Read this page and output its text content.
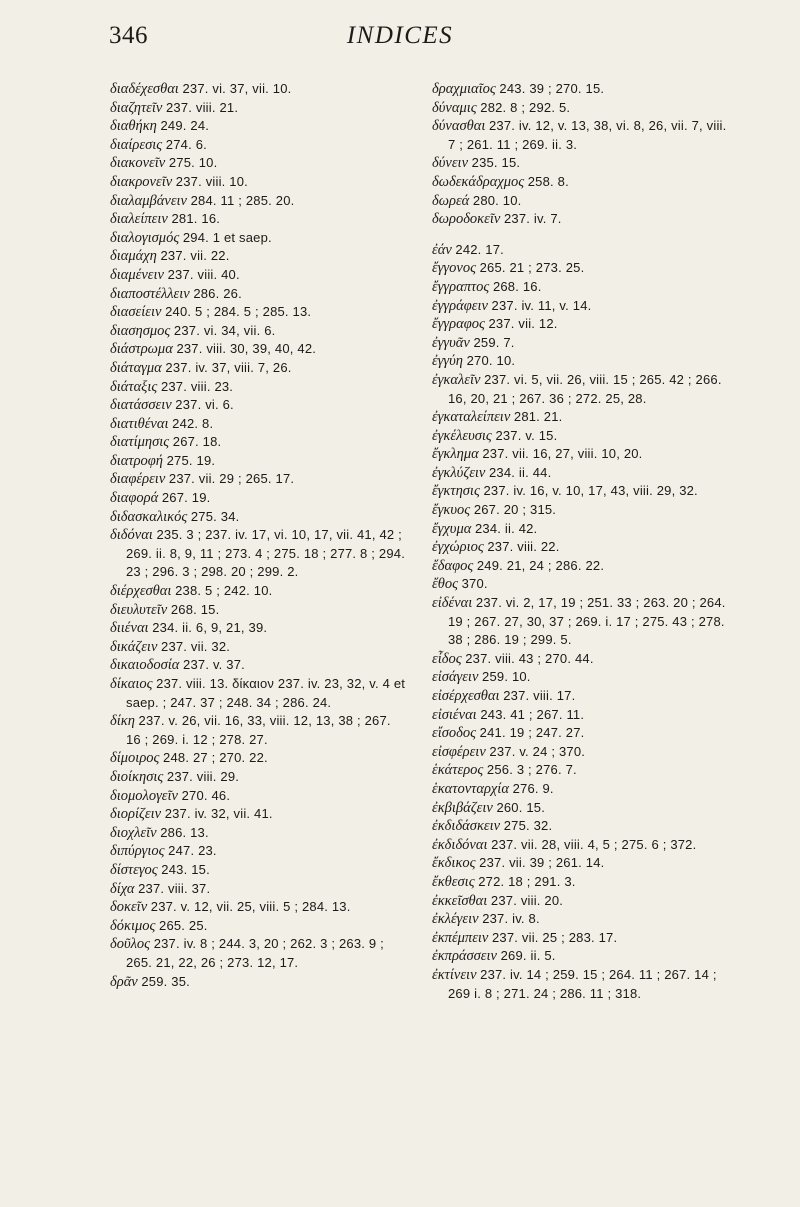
346	INDICES
διαδέχεσθαι 237. vi. 37, vii. 10.
διαζητεῖν 237. viii. 21.
διαθήκη 249. 24.
διαίρεσις 274. 6.
διακονεῖν 275. 10.
διακρονεῖν 237. viii. 10.
διαλαμβάνειν 284. 11 ; 285. 20.
διαλείπειν 281. 16.
διαλογισμός 294. 1 et saep.
διαμάχη 237. vii. 22.
διαμένειν 237. viii. 40.
διαποστέλλειν 286. 26.
διασείειν 240. 5 ; 284. 5 ; 285. 13.
διασησμος 237. vi. 34, vii. 6.
διάστρωμα 237. viii. 30, 39, 40, 42.
διάταγμα 237. iv. 37, viii. 7, 26.
διάταξις 237. viii. 23.
διατάσσειν 237. vi. 6.
διατιθέναι 242. 8.
διατίμησις 267. 18.
διατροφή 275. 19.
διαφέρειν 237. vii. 29 ; 265. 17.
διαφορά 267. 19.
διδασκαλικός 275. 34.
διδόναι 235. 3 ; 237. iv. 17, vi. 10, 17, vii. 41, 42 ; 269. ii. 8, 9, 11 ; 273. 4 ; 275. 18 ; 277. 8 ; 294. 23 ; 296. 3 ; 298. 20 ; 299. 2.
διέρχεσθαι 238. 5 ; 242. 10.
διευλυτεῖν 268. 15.
διιέναι 234. ii. 6, 9, 21, 39.
δικάζειν 237. vii. 32.
δικαιοδοσία 237. v. 37.
δίκαιος 237. viii. 13. δίκαιον 237. iv. 23, 32, v. 4 et saep. ; 247. 37 ; 248. 34 ; 286. 24.
δίκη 237. v. 26, vii. 16, 33, viii. 12, 13, 38 ; 267. 16 ; 269. i. 12 ; 278. 27.
δίμοιρος 248. 27 ; 270. 22.
διοίκησις 237. viii. 29.
διομολογεῖν 270. 46.
διορίζειν 237. iv. 32, vii. 41.
διοχλεῖν 286. 13.
διπύργιος 247. 23.
δίστεγος 243. 15.
δίχα 237. viii. 37.
δοκεῖν 237. v. 12, vii. 25, viii. 5 ; 284. 13.
δόκιμος 265. 25.
δοῦλος 237. iv. 8 ; 244. 3, 20 ; 262. 3 ; 263. 9 ; 265. 21, 22, 26 ; 273. 12, 17.
δρᾶν 259. 35.
δραχμιαῖος 243. 39 ; 270. 15.
δύναμις 282. 8 ; 292. 5.
δύνασθαι 237. iv. 12, v. 13, 38, vi. 8, 26, vii. 7, viii. 7 ; 261. 11 ; 269. ii. 3.
δύνειν 235. 15.
δωδεκάδραχμος 258. 8.
δωρεά 280. 10.
δωροδοκεῖν 237. iv. 7.
ἐάν 242. 17.
ἔγγονος 265. 21 ; 273. 25.
ἔγγραπτος 268. 16.
ἐγγράφειν 237. iv. 11, v. 14.
ἔγγραφος 237. vii. 12.
ἐγγυᾶν 259. 7.
ἐγγύη 270. 10.
ἐγκαλεῖν 237. vi. 5, vii. 26, viii. 15 ; 265. 42 ; 266. 16, 20, 21 ; 267. 36 ; 272. 25, 28.
ἐγκαταλείπειν 281. 21.
ἐγκέλευσις 237. v. 15.
ἔγκλημα 237. vii. 16, 27, viii. 10, 20.
ἐγκλύζειν 234. ii. 44.
ἔγκτησις 237. iv. 16, v. 10, 17, 43, viii. 29, 32.
ἔγκυος 267. 20 ; 315.
ἔγχυμα 234. ii. 42.
ἐγχώριος 237. viii. 22.
ἔδαφος 249. 21, 24 ; 286. 22.
ἔθος 370.
εἰδέναι 237. vi. 2, 17, 19 ; 251. 33 ; 263. 20 ; 264. 19 ; 267. 27, 30, 37 ; 269. i. 17 ; 275. 43 ; 278. 38 ; 286. 19 ; 299. 5.
εἶδος 237. viii. 43 ; 270. 44.
εἰσάγειν 259. 10.
εἰσέρχεσθαι 237. viii. 17.
εἰσιέναι 243. 41 ; 267. 11.
εἴσοδος 241. 19 ; 247. 27.
εἰσφέρειν 237. v. 24 ; 370.
ἑκάτερος 256. 3 ; 276. 7.
ἑκατονταρχία 276. 9.
ἐκβιβάζειν 260. 15.
ἐκδιδάσκειν 275. 32.
ἐκδιδόναι 237. vii. 28, viii. 4, 5 ; 275. 6 ; 372.
ἔκδικος 237. vii. 39 ; 261. 14.
ἔκθεσις 272. 18 ; 291. 3.
ἐκκεῖσθαι 237. viii. 20.
ἐκλέγειν 237. iv. 8.
ἐκπέμπειν 237. vii. 25 ; 283. 17.
ἐκπράσσειν 269. ii. 5.
ἐκτίνειν 237. iv. 14 ; 259. 15 ; 264. 11 ; 267. 14 ; 269 i. 8 ; 271. 24 ; 286. 11 ; 318.
